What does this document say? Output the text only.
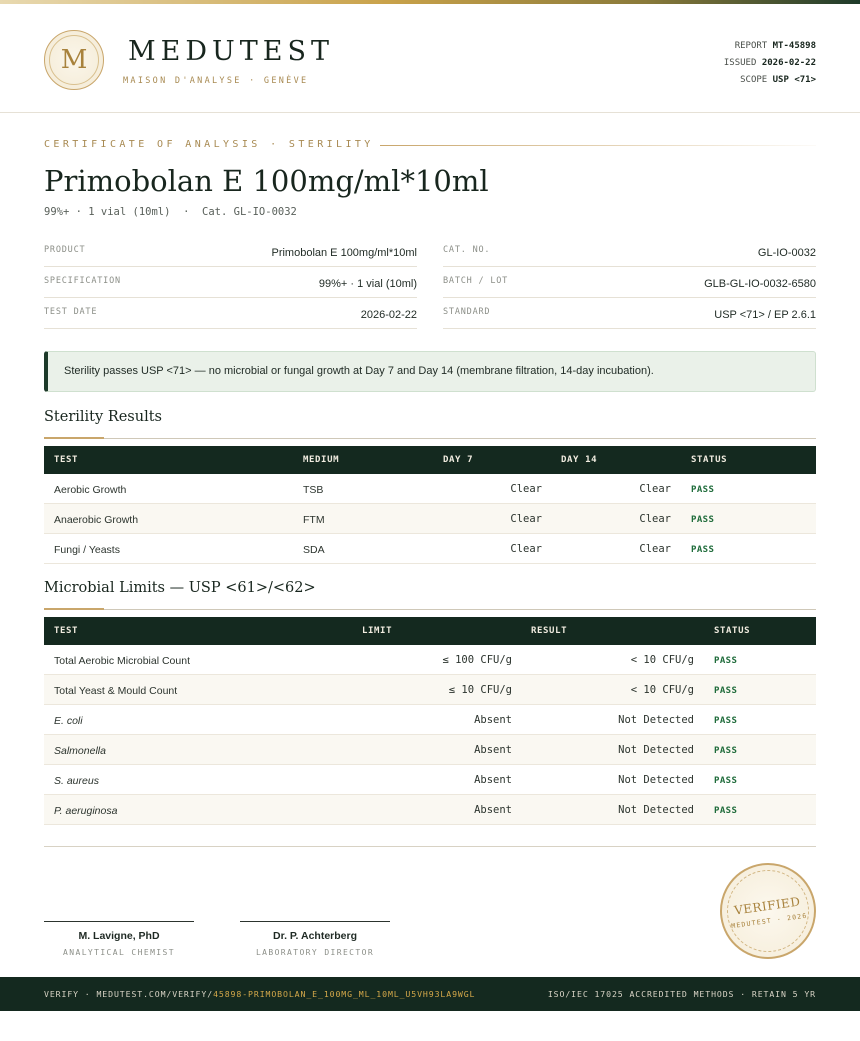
M	MEDUTEST
MAISON D'ANALYSE · GENÈVE
REPORT MT-45898
ISSUED 2026-02-22
SCOPE USP <71>
CERTIFICATE OF ANALYSIS · STERILITY
Primobolan E 100mg/ml*10ml
99%+ · 1 vial (10ml)  ·  Cat. GL-IO-0032
PRODUCT	Primobolan E 100mg/ml*10ml
SPECIFICATION	99%+ · 1 vial (10ml)
TEST DATE	2026-02-22
CAT. NO.	GL-IO-0032
BATCH / LOT	GLB-GL-IO-0032-6580
STANDARD	USP <71> / EP 2.6.1
Sterility passes USP <71> — no microbial or fungal growth at Day 7 and Day 14 (membrane filtration, 14-day incubation).
Sterility Results
TEST	MEDIUM	DAY 7	DAY 14	STATUS
Aerobic Growth	TSB	Clear	Clear PASS
Anaerobic Growth	FTM	Clear	Clear PASS
Fungi / Yeasts	SDA	Clear	Clear PASS
Microbial Limits — USP <61>/<62>
TEST	LIMIT	RESULT	STATUS
Total Aerobic Microbial Count	≤ 100 CFU/g	< 10 CFU/g PASS
Total Yeast & Mould Count	≤ 10 CFU/g	< 10 CFU/g PASS
E. coli	Absent	Not Detected PASS
Salmonella	Absent	Not Detected PASS
S. aureus	Absent	Not Detected PASS
P. aeruginosa	Absent	Not Detected PASS
M. Lavigne, PhD
ANALYTICAL CHEMIST
Dr. P. Achterberg
LABORATORY DIRECTOR
VERIFIED
MEDUTEST · 2026
VERIFY · MEDUTEST.COM/VERIFY/45898-PRIMOBOLAN_E_100MG_ML_10ML_U5VH93LA9WGL	ISO/IEC 17025 ACCREDITED METHODS · RETAIN 5 YR
